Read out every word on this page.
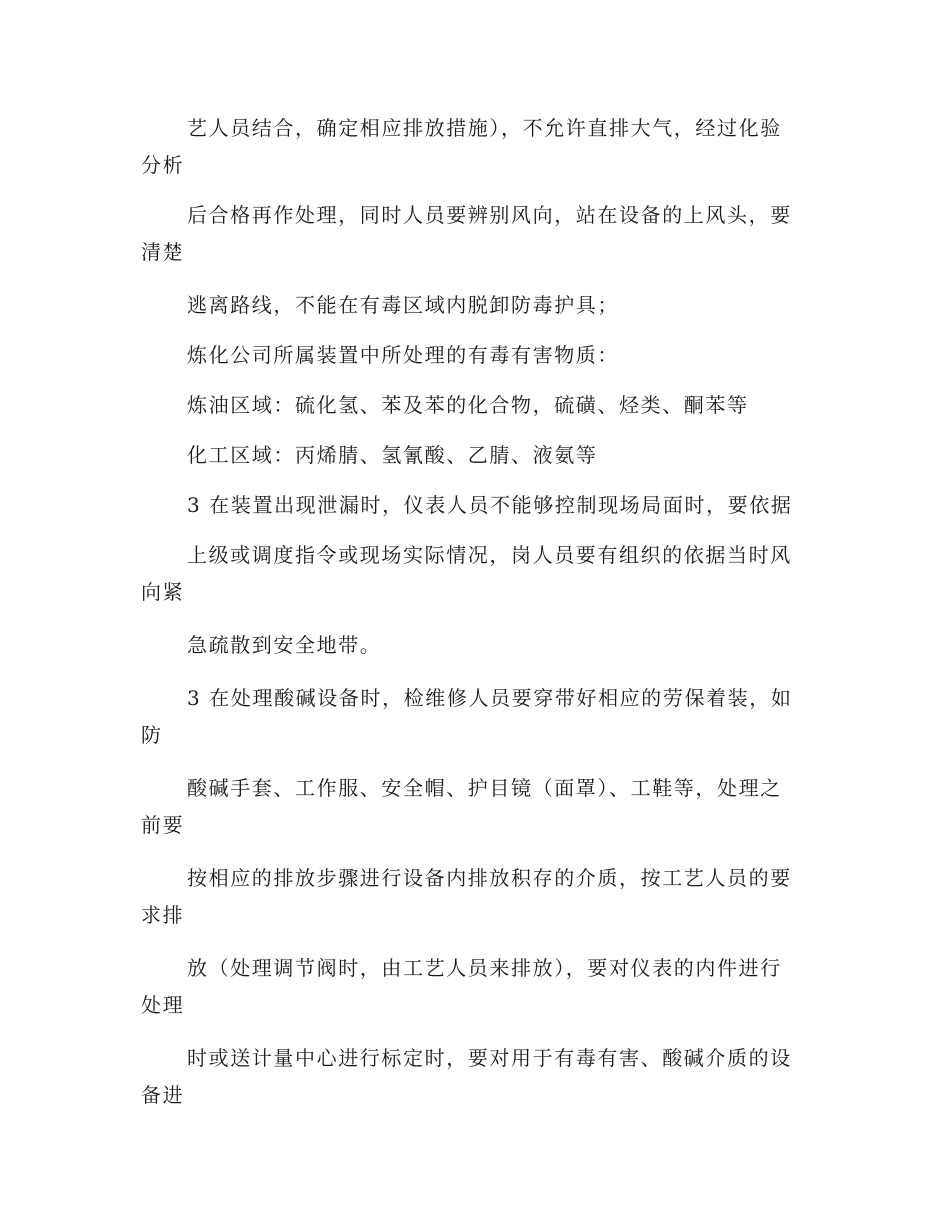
艺人员结合，确定相应排放措施），不允许直排大气，经过化验
分析

后合格再作处理，同时人员要辨别风向，站在设备的上风头，要
清楚

逃离路线，不能在有毒区域内脱卸防毒护具；

炼化公司所属装置中所处理的有毒有害物质：

炼油区域：硫化氢、苯及苯的化合物，硫磺、烃类、酮苯等

化工区域：丙烯腈、氢氰酸、乙腈、液氨等

3 在装置出现泄漏时，仪表人员不能够控制现场局面时，要依据

上级或调度指令或现场实际情况，岗人员要有组织的依据当时风
向紧

急疏散到安全地带。

3 在处理酸碱设备时，检维修人员要穿带好相应的劳保着装，如
防

酸碱手套、工作服、安全帽、护目镜（面罩）、工鞋等，处理之
前要

按相应的排放步骤进行设备内排放积存的介质，按工艺人员的要
求排

放（处理调节阀时，由工艺人员来排放），要对仪表的内件进行
处理

时或送计量中心进行标定时，要对用于有毒有害、酸碱介质的设
备进
